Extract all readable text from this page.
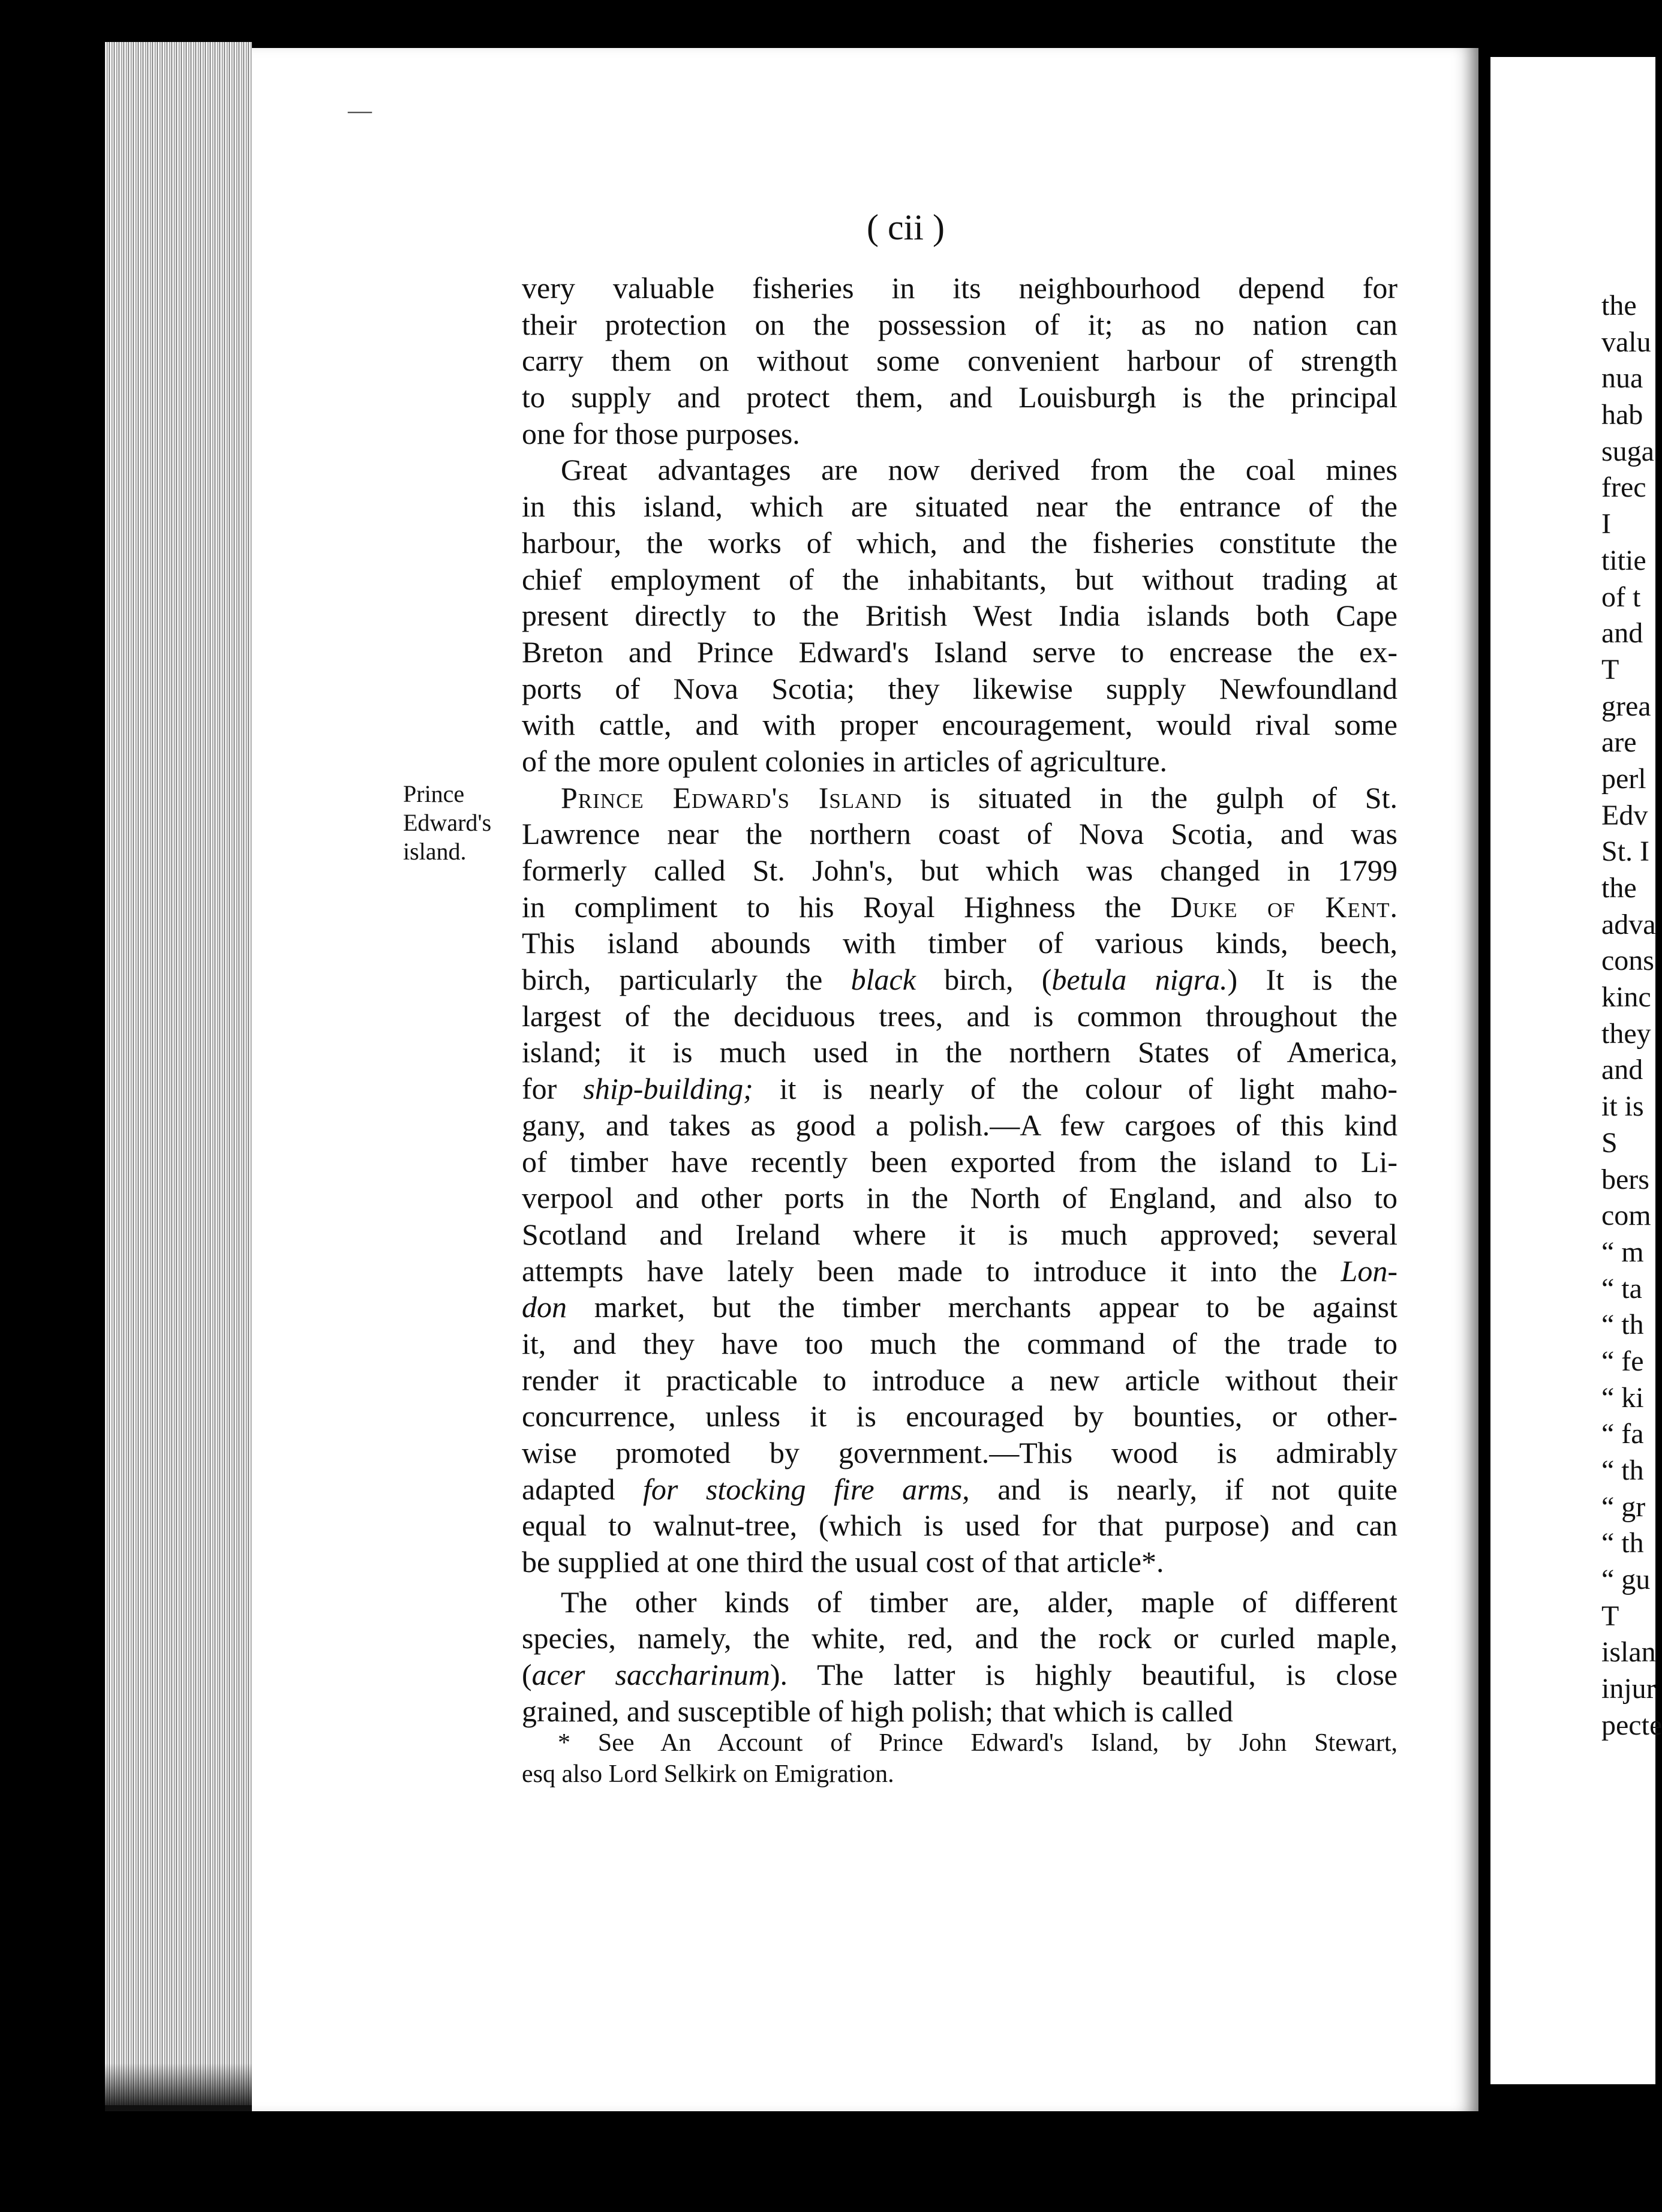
the
valu
nua
hab
suga
frec
I
titie
of t
and
T
grea
are
perl
Edv
St. I
the
adva
cons
kinc
they
and
it is
S
bers
com
“ m
“ ta
“ th
“ fe
“ ki
“ fa
“ th
“ gr
“ th
“ gu
T
islan
injur
pecte
—
( cii )
Prince
Edward's
island.
very valuable fisheries in its neighbourhood depend for
their protection on the possession of it; as no nation can
carry them on without some convenient harbour of strength
to supply and protect them, and Louisburgh is the principal
one for those purposes.
Great advantages are now derived from the coal mines
in this island, which are situated near the entrance of the
harbour, the works of which, and the fisheries constitute the
chief employment of the inhabitants, but without trading at
present directly to the British West India islands both Cape
Breton and Prince Edward's Island serve to encrease the ex-
ports of Nova Scotia; they likewise supply Newfoundland
with cattle, and with proper encouragement, would rival some
of the more opulent colonies in articles of agriculture.
Prince Edward's Island is situated in the gulph of St.
Lawrence near the northern coast of Nova Scotia, and was
formerly called St. John's, but which was changed in 1799
in compliment to his Royal Highness the Duke of Kent.
This island abounds with timber of various kinds, beech,
birch, particularly the black birch, (betula nigra.) It is the
largest of the deciduous trees, and is common throughout the
island; it is much used in the northern States of America,
for ship-building; it is nearly of the colour of light maho-
gany, and takes as good a polish.—A few cargoes of this kind
of timber have recently been exported from the island to Li-
verpool and other ports in the North of England, and also to
Scotland and Ireland where it is much approved; several
attempts have lately been made to introduce it into the Lon-
don market, but the timber merchants appear to be against
it, and they have too much the command of the trade to
render it practicable to introduce a new article without their
concurrence, unless it is encouraged by bounties, or other-
wise promoted by government.—This wood is admirably
adapted for stocking fire arms, and is nearly, if not quite
equal to walnut-tree, (which is used for that purpose) and can
be supplied at one third the usual cost of that article*.
The other kinds of timber are, alder, maple of different
species, namely, the white, red, and the rock or curled maple,
(acer saccharinum). The latter is highly beautiful, is close
grained, and susceptible of high polish; that which is called
* See An Account of Prince Edward's Island, by John Stewart,
esq also Lord Selkirk on Emigration.
